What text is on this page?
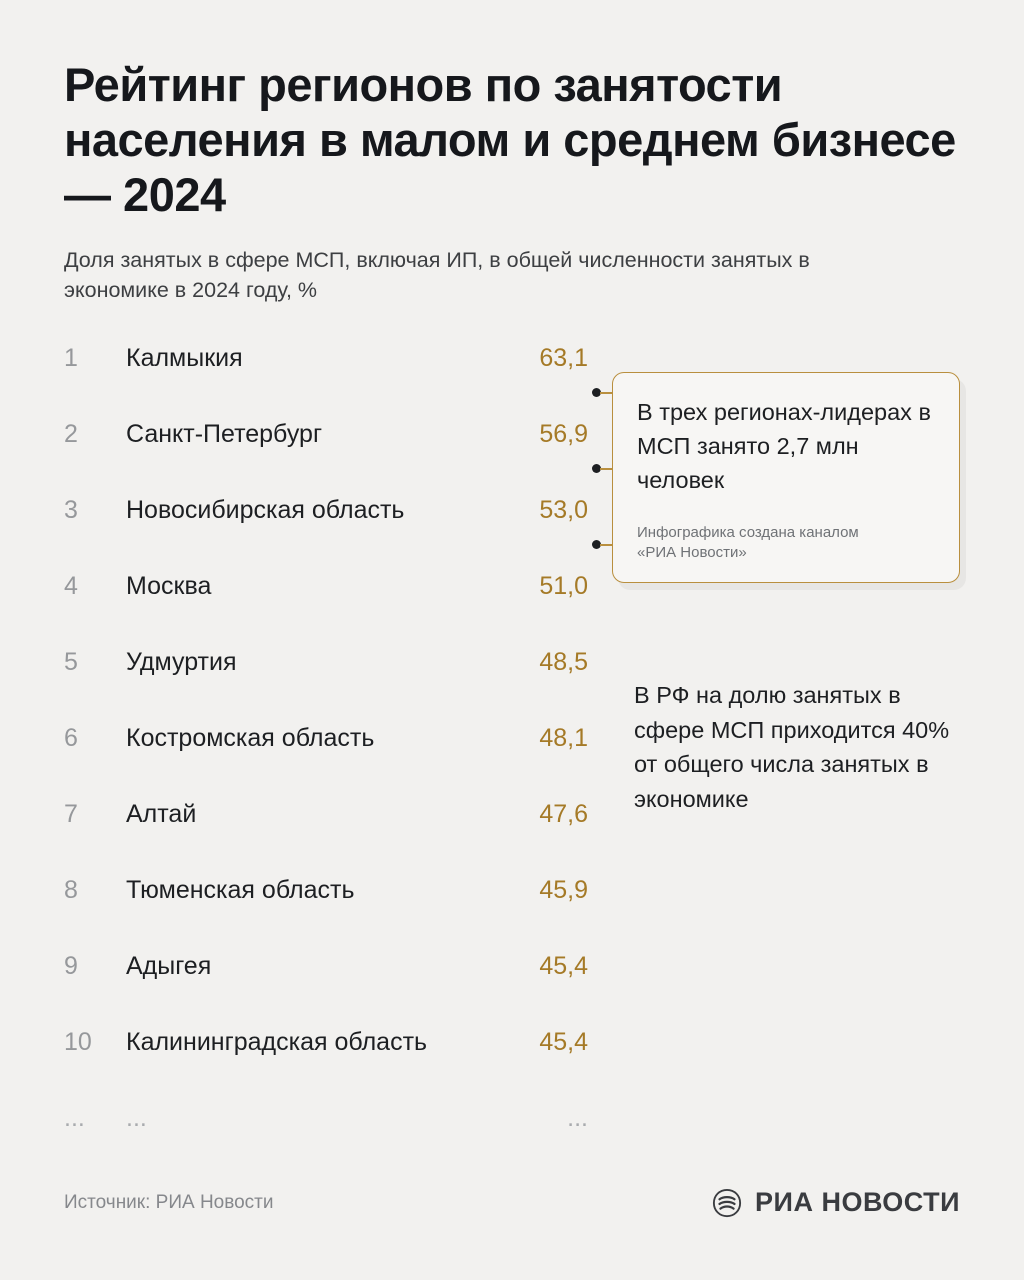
Рейтинг регионов по занятости населения в малом и среднем бизнесе — 2024

Доля занятых в сфере МСП, включая ИП, в общей численности занятых в экономике в 2024 году, %

1	Калмыкия	63,1
2	Санкт-Петербург	56,9
3	Новосибирская область	53,0
4	Москва	51,0
5	Удмуртия	48,5
6	Костромская область	48,1
7	Алтай	47,6
8	Тюменская область	45,9
9	Адыгея	45,4
10	Калининградская область	45,4
...	...	...
В трех регионах-лидерах в МСП занято 2,7 млн человек
Инфографика создана каналом «РИА Новости»
В РФ на долю занятых в сфере МСП приходится 40% от общего числа занятых в экономике
Источник: РИА Новости	РИА НОВОСТИ
